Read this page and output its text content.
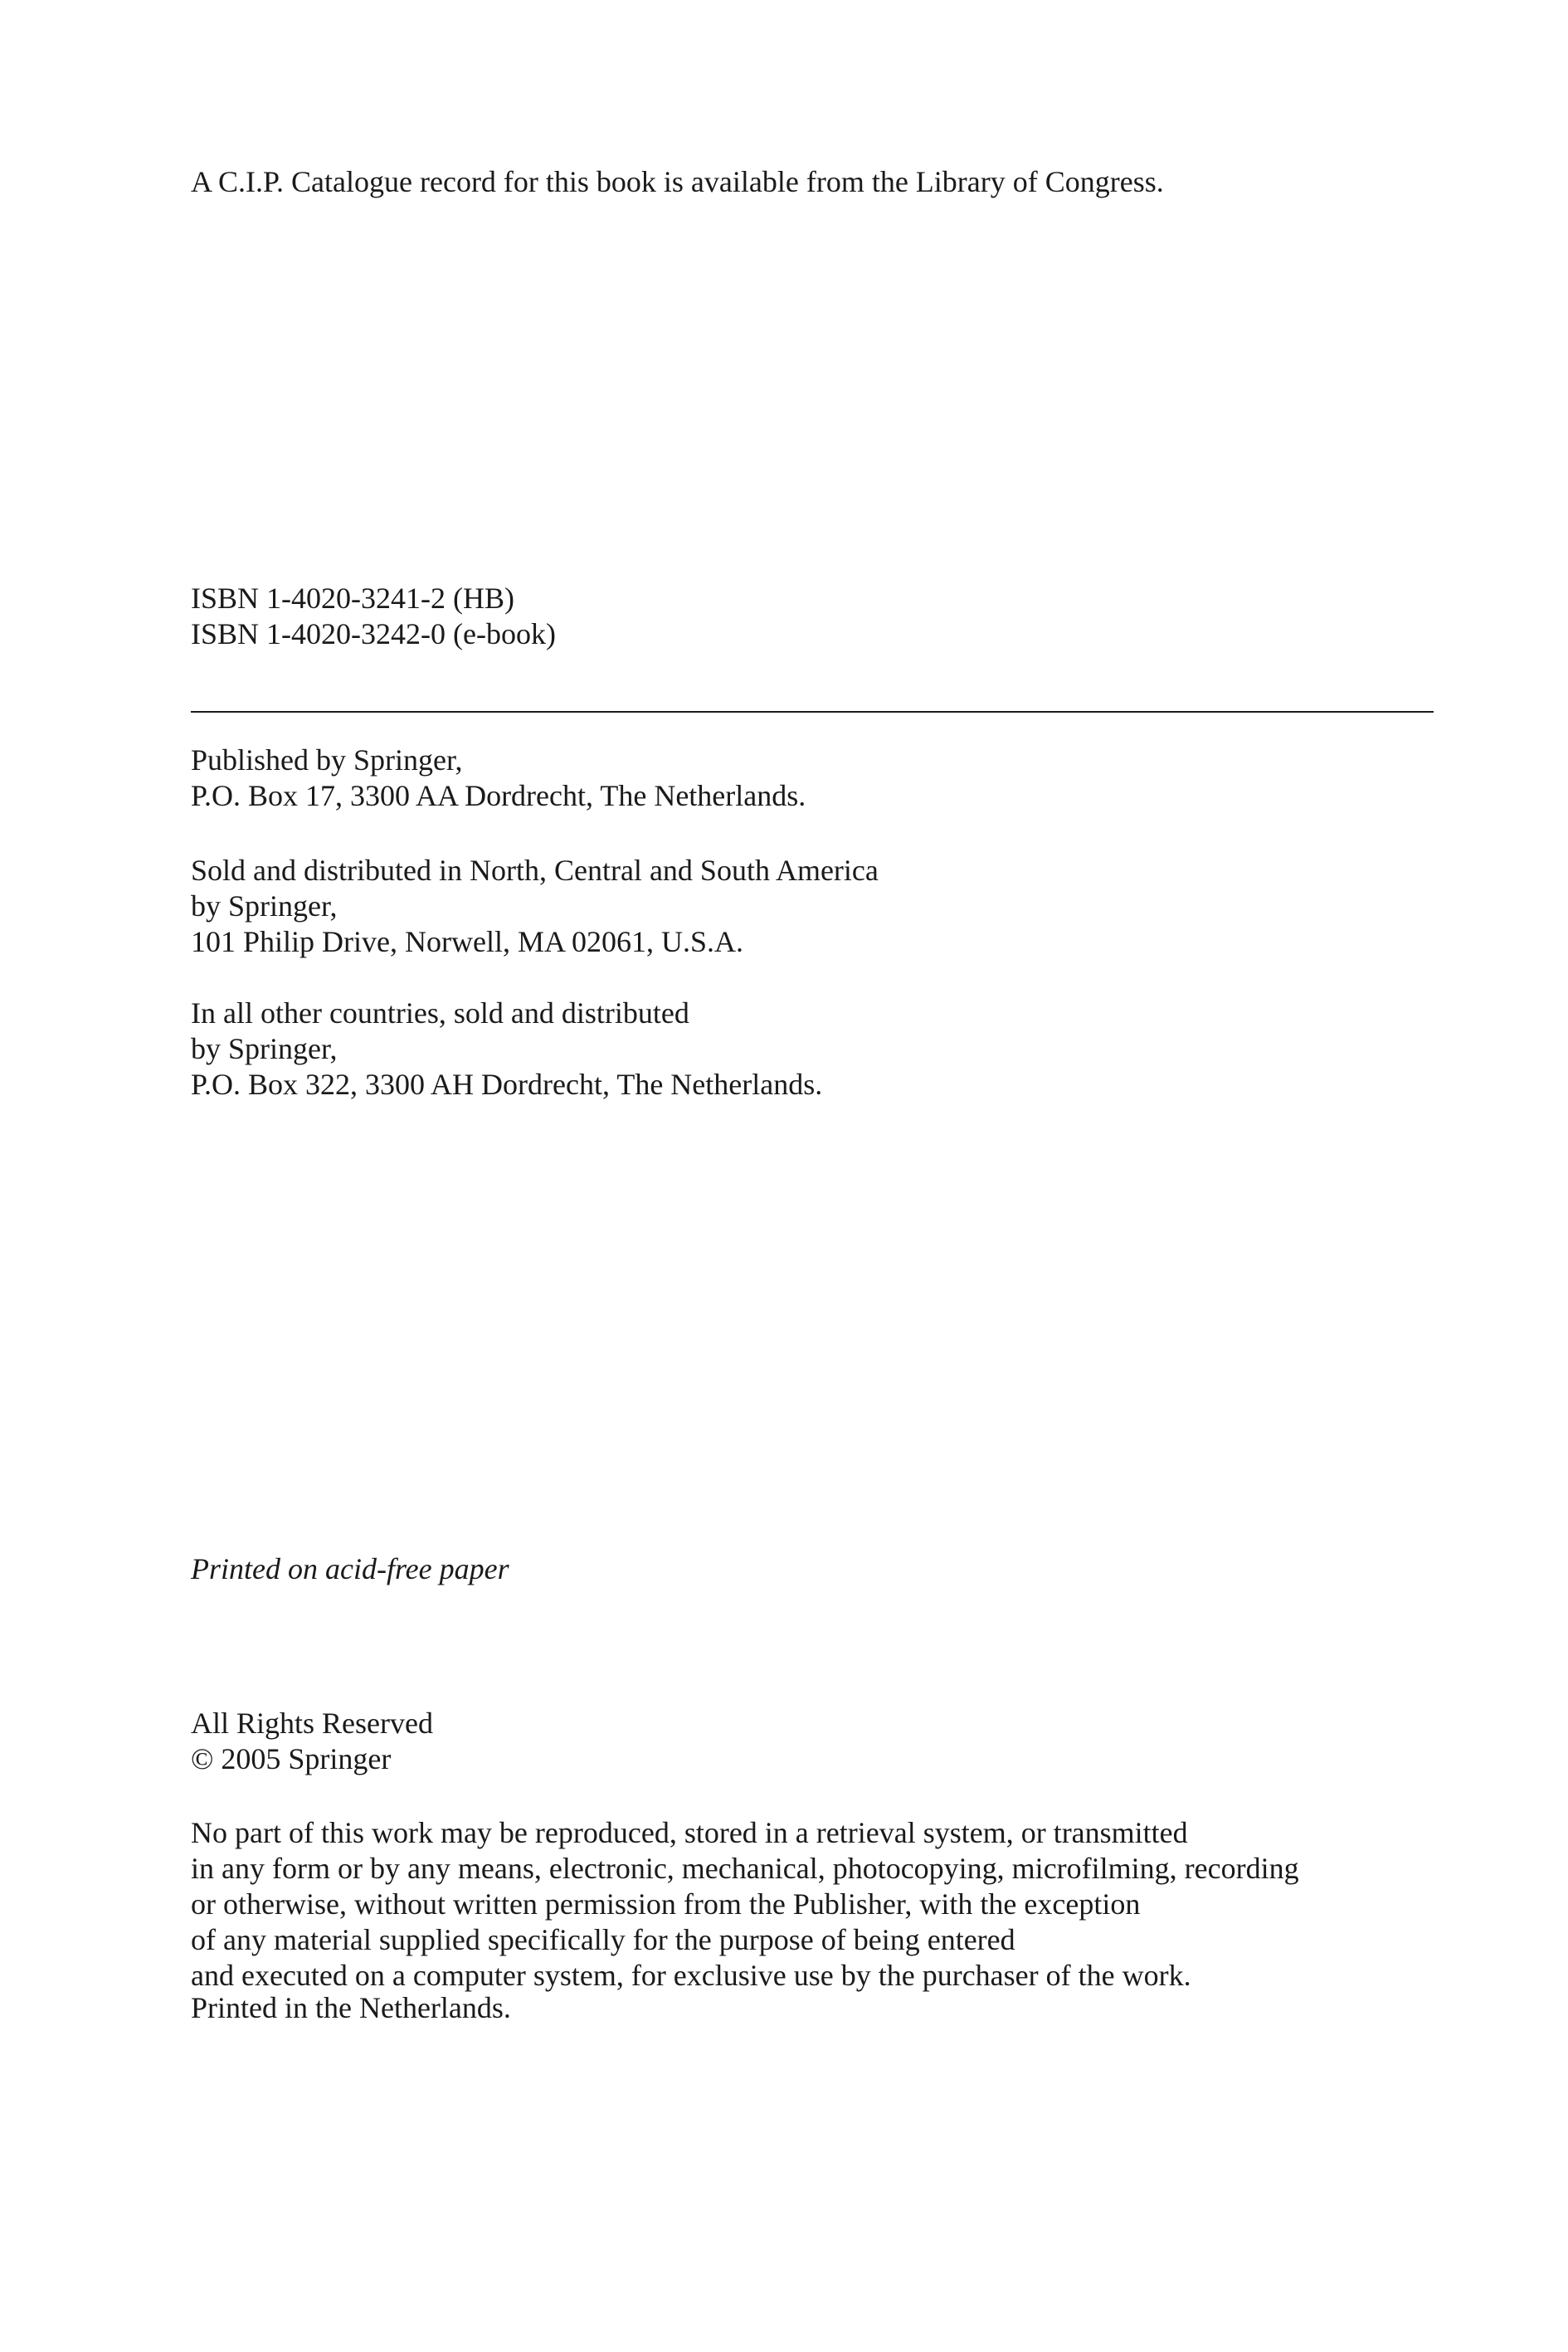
A C.I.P. Catalogue record for this book is available from the Library of Congress.

ISBN 1-4020-3241-2 (HB)
ISBN 1-4020-3242-0 (e-book)

Published by Springer,
P.O. Box 17, 3300 AA Dordrecht, The Netherlands.

Sold and distributed in North, Central and South America
by Springer,
101 Philip Drive, Norwell, MA 02061, U.S.A.

In all other countries, sold and distributed
by Springer,
P.O. Box 322, 3300 AH Dordrecht, The Netherlands.

Printed on acid-free paper

All Rights Reserved
© 2005 Springer

No part of this work may be reproduced, stored in a retrieval system, or transmitted
in any form or by any means, electronic, mechanical, photocopying, microfilming, recording
or otherwise, without written permission from the Publisher, with the exception
of any material supplied specifically for the purpose of being entered
and executed on a computer system, for exclusive use by the purchaser of the work.

Printed in the Netherlands.
